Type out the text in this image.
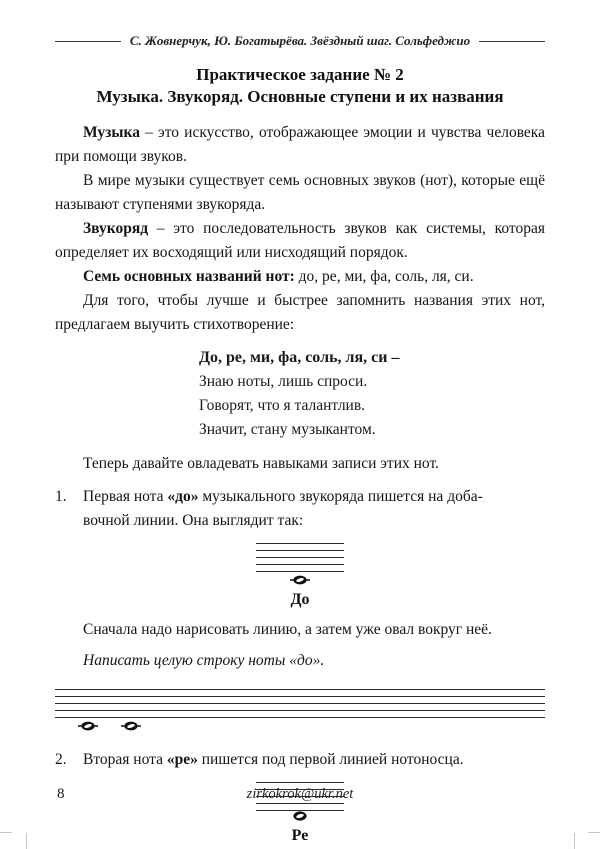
С. Жовнерчук, Ю. Богатырёва. Звёздный шаг. Сольфеджио
Практическое задание № 2
Музыка. Звукоряд. Основные ступени и их названия

Музыка – это искусство, отображающее эмоции и чувства человека при помощи звуков.

В мире музыки существует семь основных звуков (нот), которые ещё называют ступенями звукоряда.

Звукоряд – это последовательность звуков как системы, которая определяет их восходящий или нисходящий порядок.

Семь основных названий нот: до, ре, ми, фа, соль, ля, си.

Для того, чтобы лучше и быстрее запомнить названия этих нот, предлагаем выучить стихотворение:

До, ре, ми, фа, соль, ля, си –
Знаю ноты, лишь спроси.
Говорят, что я талантлив.
Значит, стану музыкантом.

Теперь давайте овладевать навыками записи этих нот.

1.	Первая нота «до» музыкального звукоряда пишется на доба-
вочной линии. Она выглядит так:
До

Сначала надо нарисовать линию, а затем уже овал вокруг неё.

Написать целую строку ноты «до».

2.	Вторая нота «ре» пишется под первой линией нотоносца.
Ре
8	zirkokrok@ukr.net
